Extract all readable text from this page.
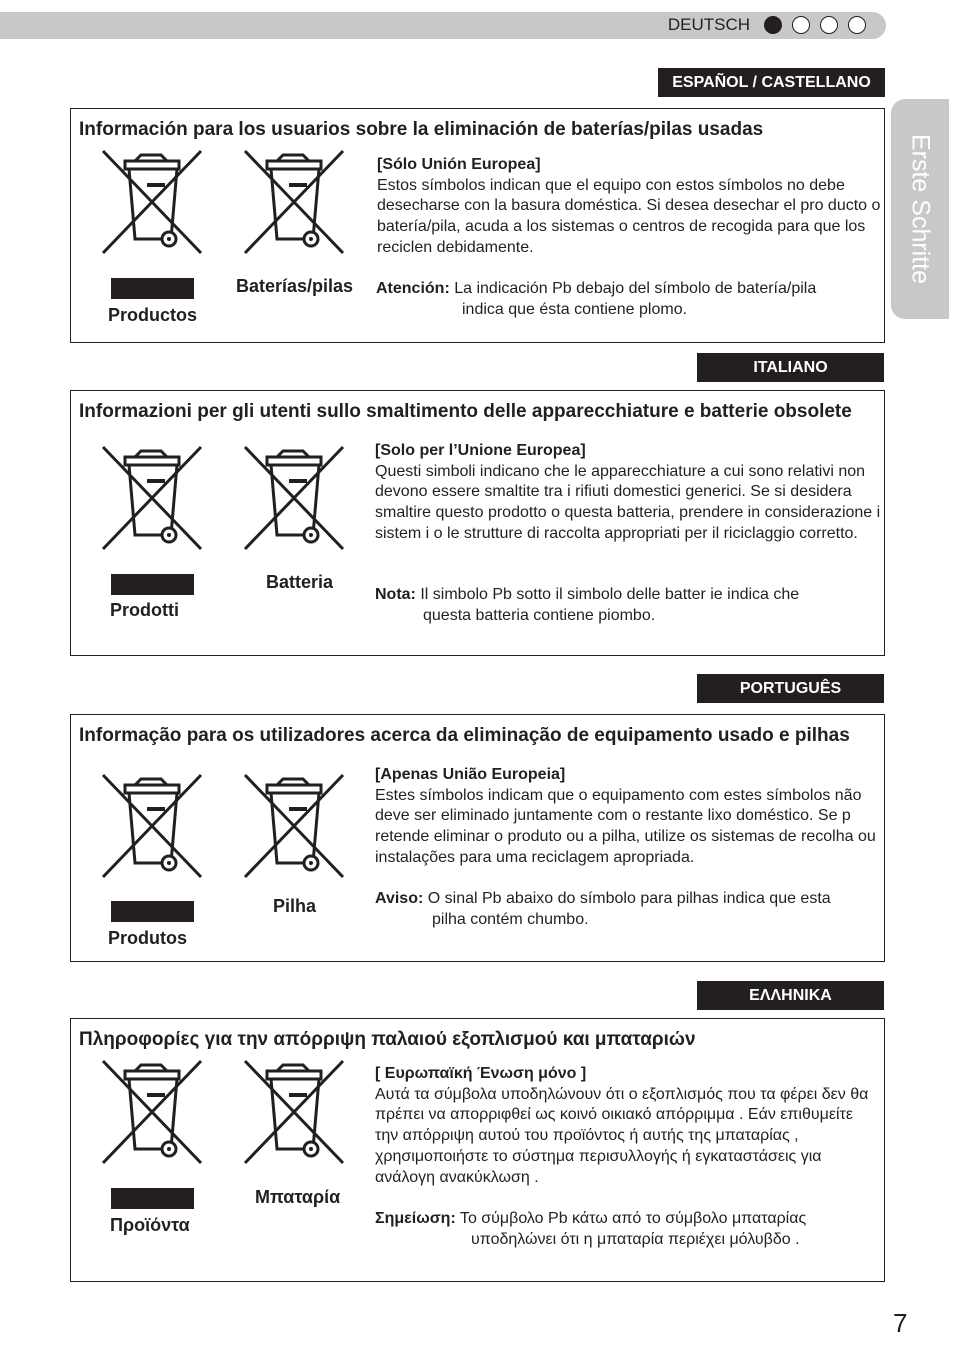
DEUTSCH
Erste Schritte
ESPAÑOL / CASTELLANO
Información para los usuarios sobre la eliminación de baterías/pilas usadas
Productos
Baterías/pilas
[Sólo Unión Europea]
Estos símbolos indican que el equipo con estos símbolos no debe desecharse con la basura doméstica. Si desea desechar el pro ducto o batería/pila, acuda a los sistemas o centros de recogida para que los reciclen debidamente.
Atención: La indicación Pb debajo del símbolo de batería/pila
indica que ésta contiene plomo.
ITALIANO
Informazioni per gli utenti sullo smaltimento delle apparecchiature e batterie obsolete
Prodotti
Batteria
[Solo per l’Unione Europea]
Questi simboli indicano che le apparecchiature a cui sono relativi non devono essere smaltite tra i rifiuti domestici generici. Se si desidera smaltire questo prodotto o questa batteria, prendere in considerazione i sistem i o le strutture di raccolta appropriati per il riciclaggio corretto.
Nota: Il simbolo Pb sotto il simbolo delle batter ie indica che
questa batteria contiene piombo.
PORTUGUÊS
Informação para os utilizadores acerca da eliminação de equipamento usado e pilhas
Produtos
Pilha
[Apenas União Europeia]
Estes símbolos indicam que o equipamento com estes símbolos não deve ser eliminado juntamente com o restante lixo doméstico. Se p retende eliminar o produto ou a pilha, utilize os sistemas de recolha ou instalações para uma reciclagem apropriada.
Aviso: O sinal Pb abaixo do símbolo para pilhas indica que esta
pilha contém chumbo.
ΕΛΛΗΝΙΚΑ
Πληροφορίες για την απόρριψη παλαιού εξοπλισμού και μπαταριών
Προϊόντα
Μπαταρία
[ Ευρωπαϊκή Ένωση μόνο ]
Αυτά τα σύμβολα υποδηλώνουν ότι ο εξοπλισμός που τα φέρει δεν θα πρέπει να απορριφθεί ως κοινό οικιακό απόρριμμα . Εάν επιθυμείτε την απόρριψη αυτού του προϊόντος ή αυτής της μπαταρίας , χρησιμοποιήστε το σύστημα περισυλλογής ή εγκαταστάσεις για ανάλογη ανακύκλωση .
Σημείωση: Το σύμβολο Pb κάτω από το σύμβολο μπαταρίας
υποδηλώνει ότι η μπαταρία περιέχει μόλυβδο .
7
